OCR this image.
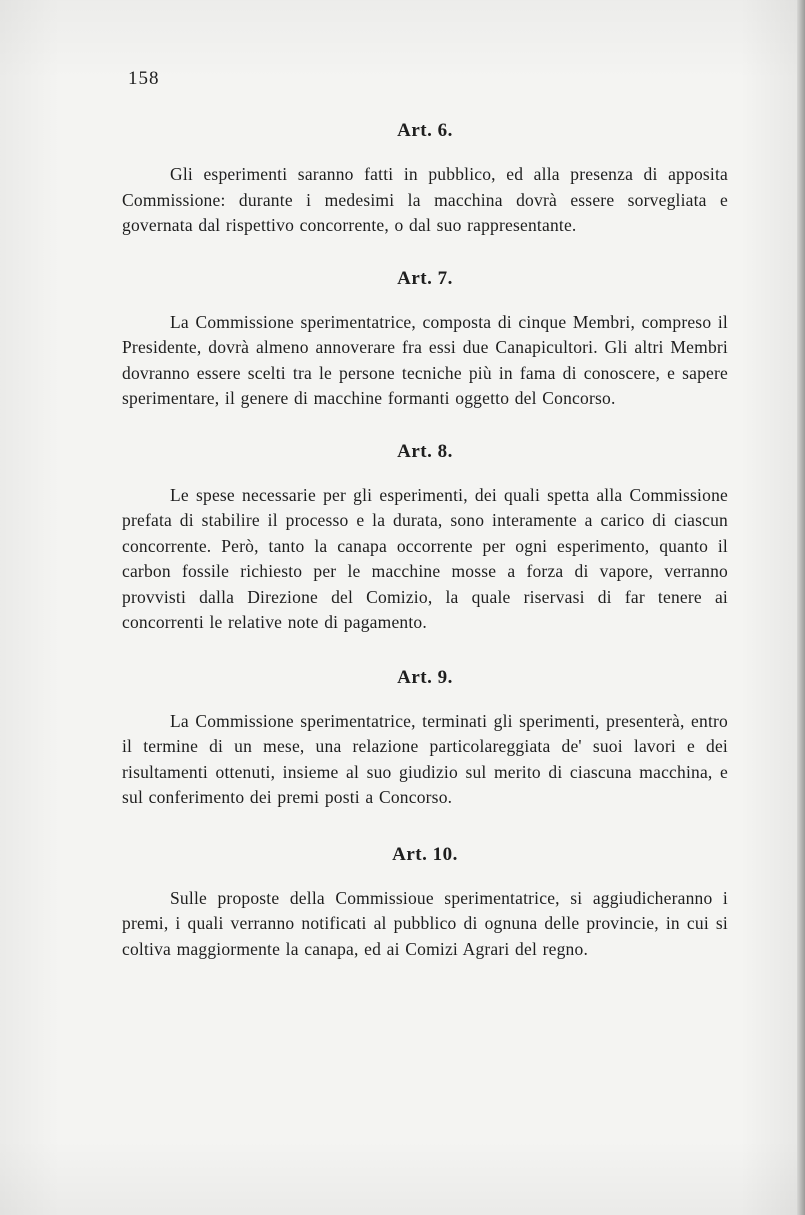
158
Art. 6.

Gli esperimenti saranno fatti in pubblico, ed alla presenza di apposita Commissione: durante i medesimi la macchina dovrà essere sorvegliata e governata dal rispettivo concorrente, o dal suo rappresentante.

Art. 7.

La Commissione sperimentatrice, composta di cinque Membri, compreso il Presidente, dovrà almeno annoverare fra essi due Canapicultori. Gli altri Membri dovranno essere scelti tra le persone tecniche più in fama di conoscere, e sapere sperimentare, il genere di macchine formanti oggetto del Concorso.

Art. 8.

Le spese necessarie per gli esperimenti, dei quali spetta alla Commissione prefata di stabilire il processo e la durata, sono interamente a carico di ciascun concorrente. Però, tanto la canapa occorrente per ogni esperimento, quanto il carbon fossile richiesto per le macchine mosse a forza di vapore, verranno provvisti dalla Direzione del Comizio, la quale riservasi di far tenere ai concorrenti le relative note di pagamento.

Art. 9.

La Commissione sperimentatrice, terminati gli sperimenti, presenterà, entro il termine di un mese, una relazione particolareggiata de' suoi lavori e dei risultamenti ottenuti, insieme al suo giudizio sul merito di ciascuna macchina, e sul conferimento dei premi posti a Concorso.

Art. 10.

Sulle proposte della Commissioue sperimentatrice, si aggiudicheranno i premi, i quali verranno notificati al pubblico di ognuna delle provincie, in cui si coltiva maggiormente la canapa, ed ai Comizi Agrari del regno.
